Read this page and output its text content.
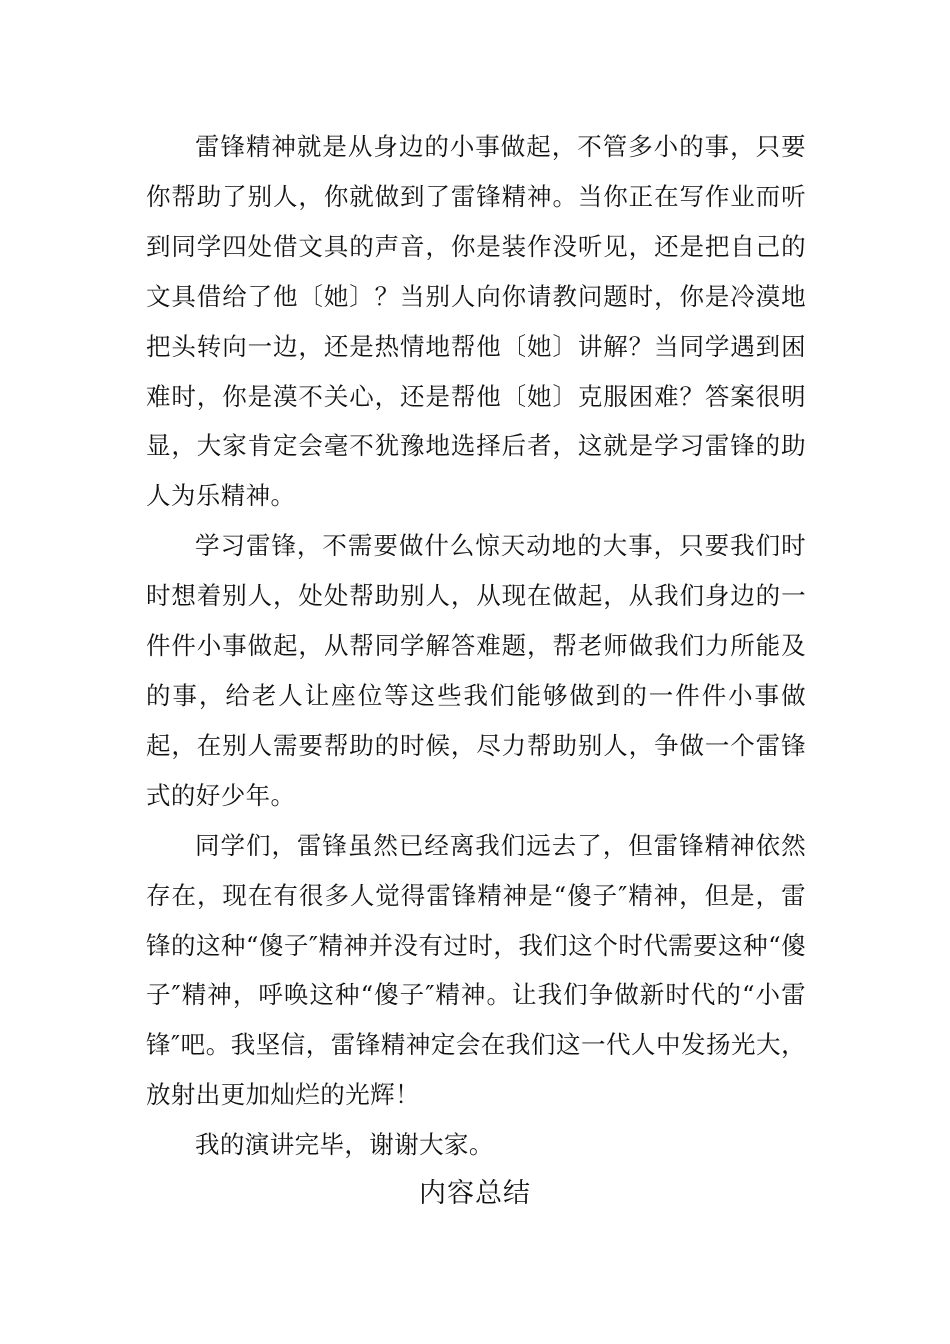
雷锋精神就是从身边的小事做起，不管多小的事，只要你帮助了别人，你就做到了雷锋精神。当你正在写作业而听到同学四处借文具的声音，你是装作没听见，还是把自己的文具借给了他〔她〕？当别人向你请教问题时，你是冷漠地把头转向一边，还是热情地帮他〔她〕讲解？当同学遇到困难时，你是漠不关心，还是帮他〔她〕克服困难？答案很明显，大家肯定会毫不犹豫地选择后者，这就是学习雷锋的助人为乐精神。

学习雷锋，不需要做什么惊天动地的大事，只要我们时时想着别人，处处帮助别人，从现在做起，从我们身边的一件件小事做起，从帮同学解答难题，帮老师做我们力所能及的事，给老人让座位等这些我们能够做到的一件件小事做起，在别人需要帮助的时候，尽力帮助别人，争做一个雷锋式的好少年。

同学们，雷锋虽然已经离我们远去了，但雷锋精神依然存在，现在有很多人觉得雷锋精神是“傻子″精神，但是，雷锋的这种“傻子″精神并没有过时，我们这个时代需要这种“傻子″精神，呼唤这种“傻子″精神。让我们争做新时代的“小雷锋″吧。我坚信，雷锋精神定会在我们这一代人中发扬光大，放射出更加灿烂的光辉！

我的演讲完毕，谢谢大家。

内容总结
